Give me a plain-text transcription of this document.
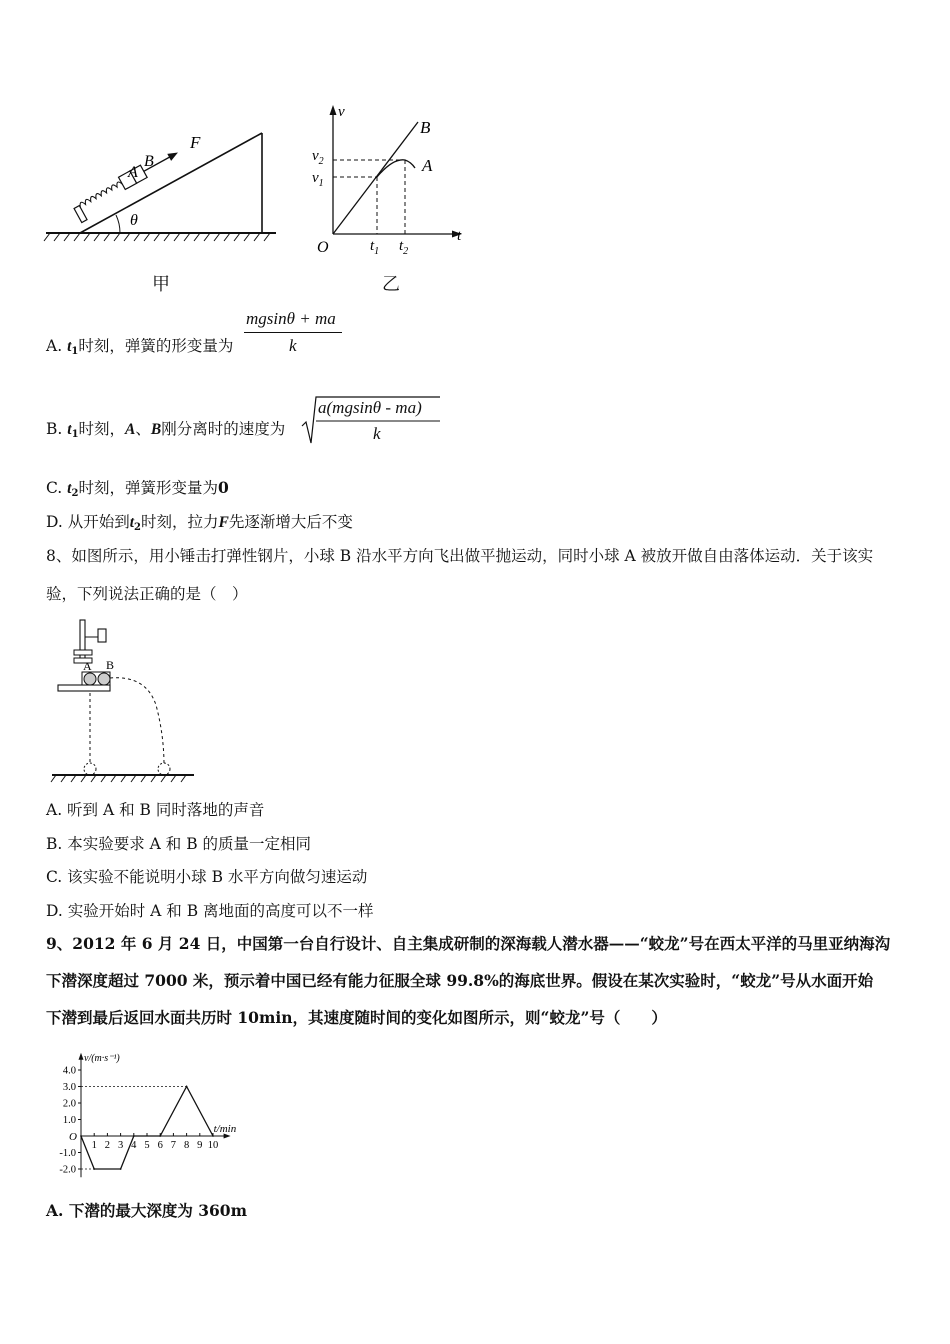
F
A
B
θ
甲
v
t
O
$v_2$
$v_1$
$t_1$ $t_2$
B
A
乙
A. $t_1$时刻，弹簧的形变量为
mgsinθ + ma
k
B. $t_1$时刻，A、B刚分离时的速度为
a(mgsinθ - ma)
k
C. $t_2$时刻，弹簧形变量为0
D. 从开始到$t_2$时刻，拉力F先逐渐增大后不变
8、如图所示，用小锤击打弹性钢片，小球 B 沿水平方向飞出做平抛运动，同时小球 A 被放开做自由落体运动．关于该实
验，下列说法正确的是（　）
A B
A. 听到 A 和 B 同时落地的声音
B. 本实验要求 A 和 B 的质量一定相同
C. 该实验不能说明小球 B 水平方向做匀速运动
D. 实验开始时 A 和 B 离地面的高度可以不一样
9、2012 年 6 月 24 日，中国第一台自行设计、自主集成研制的深海载人潜水器——“蛟龙”号在西太平洋的马里亚纳海沟
下潜深度超过 7000 米，预示着中国已经有能力征服全球 99.8%的海底世界。假设在某次实验时，“蛟龙”号从水面开始
下潜到最后返回水面共历时 10min，其速度随时间的变化如图所示，则“蛟龙”号（　　）
v/(m·s⁻¹)
t/min
O
4.0
3.0
2.0
1.0
-1.0
-2.0
1 2 3 4 5 6 7 8 9 10
A. 下潜的最大深度为 360m
